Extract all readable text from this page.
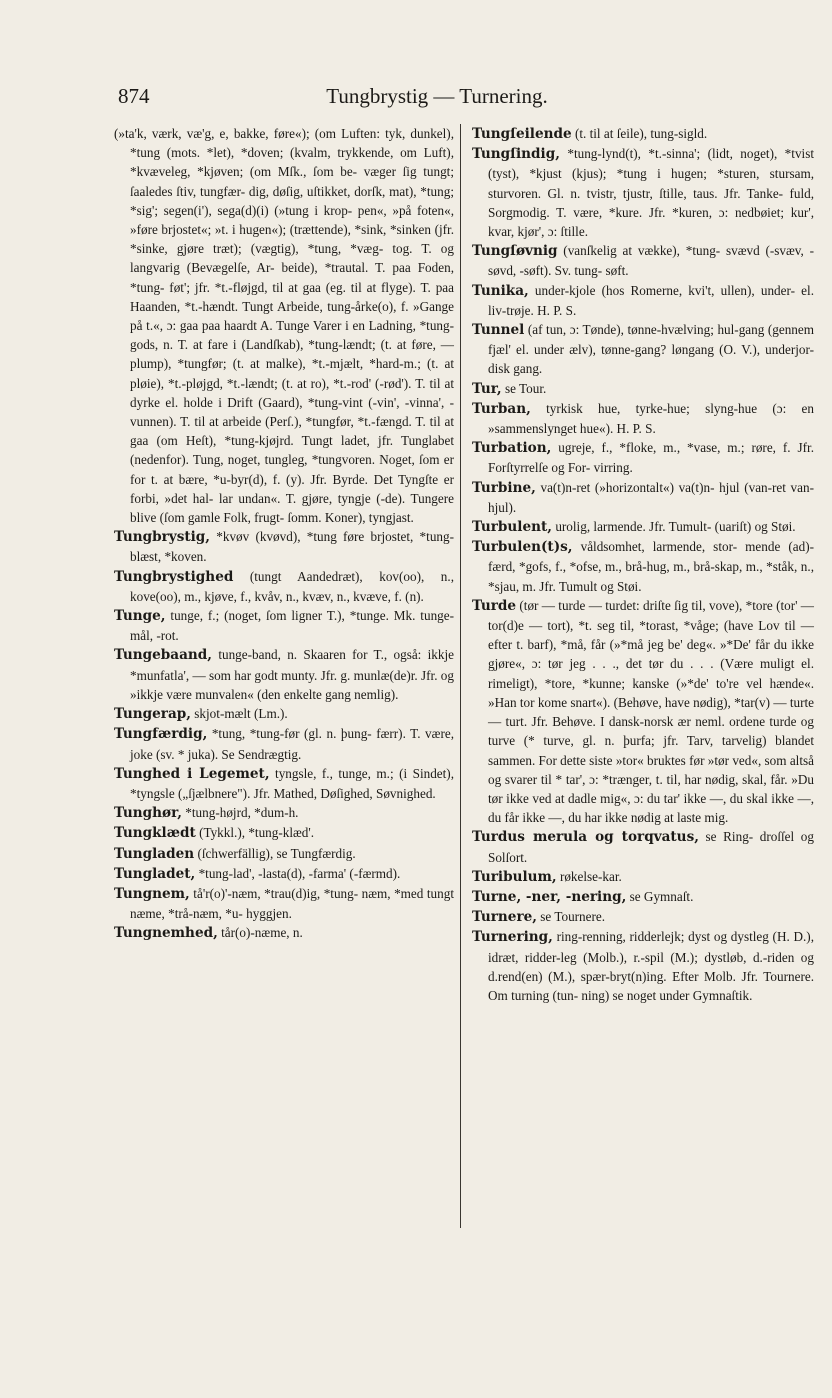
874	Tungbrystig — Turnering.

(»ta'k, værk, væ'g, e, bakke, føre«); (om Luften: tyk, dunkel), *tung (mots. *let), *doven; (kvalm, trykkende, om Luft), *kvæveleg, *kjøven; (om Mſk., ſom be- væger ſig tungt; ſaaledes ſtiv, tungfær- dig, døſig, uſtikket, dorſk, mat), *tung; *sig'; segen(i'), sega(d)(i) (»tung i krop- pen«, »på foten«, »føre brjostet«; »t. i hugen«); (trættende), *sink, *sinken (jfr. *sinke, gjøre træt); (vægtig), *tung, *væg- tog. T. og langvarig (Bevægelſe, Ar- beide), *trautal. T. paa Foden, *tung- føt'; jfr. *t.-fløjgd, til at gaa (eg. til at flyge). T. paa Haanden, *t.-hændt. Tungt Arbeide, tung-årke(o), f. »Gange på t.«, ɔ: gaa paa haardt A. Tunge Varer i en Ladning, *tung-gods, n. T. at fare i (Landſkab), *tung-lændt; (t. at føre, — plump), *tungfør; (t. at malke), *t.-mjælt, *hard-m.; (t. at pløie), *t.-pløjgd, *t.-lændt; (t. at ro), *t.-rod' (-rød'). T. til at dyrke el. holde i Drift (Gaard), *tung-vint (-vin', -vinna', -vunnen). T. til at arbeide (Perſ.), *tungfør, *t.-fængd. T. til at gaa (om Heſt), *tung-kjøjrd. Tungt ladet, jfr. Tunglabet (nedenfor). Tung, noget, tungleg, *tungvoren. Noget, ſom er for t. at bære, *u-byr(d), f. (y). Jfr. Byrde. Det Tyngſte er forbi, »det hal- lar undan«. T. gjøre, tyngje (-de). Tungere blive (ſom gamle Folk, frugt- ſomm. Koner), tyngjast.

Tungbrystig, *kvøv (kvøvd), *tung føre brjostet, *tung-blæst, *koven.

Tungbrystighed (tungt Aandedræt), kov(oo), n., kove(oo), m., kjøve, f., kvåv, n., kvæv, n., kvæve, f. (n).

Tunge, tunge, f.; (noget, ſom ligner T.), *tunge. Mk. tunge-mål, -rot.

Tungebaand, tunge-band, n. Skaaren for T., også: ikkje *munfatla', — som har godt munty. Jfr. g. munlæ(de)r. Jfr. og »ikkje være munvalen« (den enkelte gang nemlig).

Tungerap, skjot-mælt (Lm.).

Tungfærdig, *tung, *tung-før (gl. n. þung- færr). T. være, joke (sv. * juka). Se Sendrægtig.

Tunghed i Legemet, tyngsle, f., tunge, m.; (i Sindet), *tyngsle („ſjælbnere"). Jfr. Mathed, Døſighed, Søvnighed.

Tunghør, *tung-højrd, *dum-h.

Tungklædt (Tykkl.), *tung-klæd'.

Tungladen (ſchwerfällig), se Tungfærdig.

Tungladet, *tung-lad', -lasta(d), -farma' (-færmd).

Tungnem, tå'r(o)'-næm, *trau(d)ig, *tung- næm, *med tungt næme, *trå-næm, *u- hyggjen.

Tungnemhed, tår(o)-næme, n.

Tungſeilende (t. til at ſeile), tung-sigld.

Tungſindig, *tung-lynd(t), *t.-sinna'; (lidt, noget), *tvist (tyst), *kjust (kjus); *tung i hugen; *sturen, stursam, sturvoren. Gl. n. tvistr, tjustr, ſtille, taus. Jfr. Tanke- fuld, Sorgmodig. T. være, *kure. Jfr. *kuren, ɔ: nedbøiet; kur', kvar, kjør', ɔ: ſtille.

Tungſøvnig (vanſkelig at vække), *tung- svævd (-svæv, -søvd, -søft). Sv. tung- søft.

Tunika, under-kjole (hos Romerne, kvi't, ullen), under- el. liv-trøje. H. P. S.

Tunnel (af tun, ɔ: Tønde), tønne-hvælving; hul-gang (gennem fjæl' el. under ælv), tønne-gang? løngang (O. V.), underjor- disk gang.

Tur, se Tour.

Turban, tyrkisk hue, tyrke-hue; slyng-hue (ɔ: en »sammenslynget hue«). H. P. S.

Turbation, ugreje, f., *floke, m., *vase, m.; røre, f. Jfr. Forſtyrrelſe og For- virring.

Turbine, va(t)n-ret (»horizontalt«) va(t)n- hjul (van-ret van-hjul).

Turbulent, urolig, larmende. Jfr. Tumult- (uariſt) og Støi.

Turbulen(t)s, våldsomhet, larmende, stor- mende (ad)-færd, *gofs, f., *ofse, m., brå-hug, m., brå-skap, m., *ståk, n., *sjau, m. Jfr. Tumult og Støi.

Turde (tør — turde — turdet: driſte ſig til, vove), *tore (tor' — tor(d)e — tort), *t. seg til, *torast, *våge; (have Lov til — efter t. barf), *må, får (»*må jeg be' deg«. »*De' får du ikke gjøre«, ɔ: tør jeg . . ., det tør du . . . (Være muligt el. rimeligt), *tore, *kunne; kanske (»*de' to're vel hænde«. »Han tor kome snart«). (Behøve, have nødig), *tar(v) — turte — turt. Jfr. Behøve. I dansk-norsk ær neml. ordene turde og turve (* turve, gl. n. þurfa; jfr. Tarv, tarvelig) blandet sammen. For dette siste »tor« bruktes før »tør ved«, som altså og svarer til * tar', ɔ: *trænger, t. til, har nødig, skal, får. »Du tør ikke ved at dadle mig«, ɔ: du tar' ikke —, du skal ikke —, du får ikke —, du har ikke nødig at laste mig.

Turdus merula og torqvatus, se Ring- droſſel og Solſort.

Turibulum, røkelse-kar.

Turne, -ner, -nering, se Gymnaſt.

Turnere, se Tournere.

Turnering, ring-renning, ridderlejk; dyst og dystleg (H. D.), idræt, ridder-leg (Molb.), r.-spil (M.); dystløb, d.-riden og d.rend(en) (M.), spær-bryt(n)ing. Efter Molb. Jfr. Tournere. Om turning (tun- ning) se noget under Gymnaſtik.
